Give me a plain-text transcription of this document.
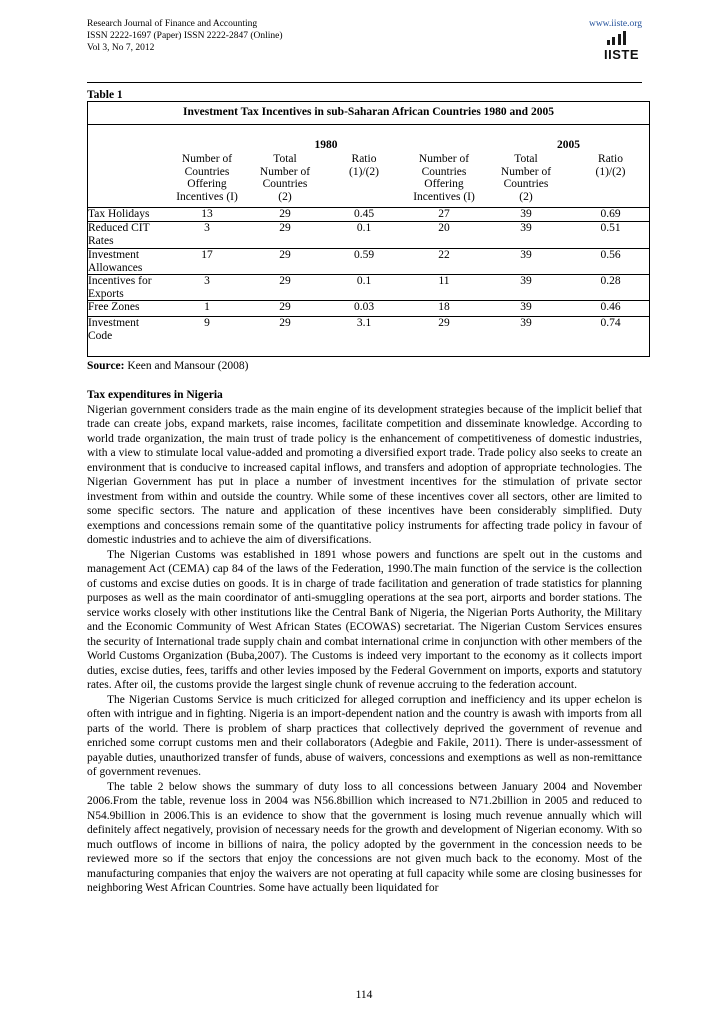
Research Journal of Finance and Accounting
ISSN 2222-1697 (Paper) ISSN 2222-2847 (Online)
Vol 3, No 7, 2012
www.iiste.org

IISTE
Table 1
Investment Tax Incentives in sub-Saharan African Countries 1980 and 2005
1980	2005
Number of
Countries
Offering
Incentives (I)
Total
Number of
Countries
(2)
Ratio
(1)/(2)
Number of
Countries
Offering
Incentives (I)
Total
Number of
Countries
(2)
Ratio
(1)/(2)
Tax Holidays	13	29	0.45	27	39	0.69
Reduced CIT
Rates
3	29	0.1	20	39	0.51
Investment
Allowances
17	29	0.59	22	39	0.56
Incentives for
Exports
3	29	0.1	11	39	0.28
Free Zones	1	29	0.03	18	39	0.46
Investment
Code
9	29	3.1	29	39	0.74
Source: Keen and Mansour (2008)
Tax expenditures in Nigeria

Nigerian government considers trade as the main engine of its development strategies because of the implicit belief that trade can create jobs, expand markets, raise incomes, facilitate competition and disseminate knowledge. According to world trade organization, the main trust of trade policy is the enhancement of competitiveness of domestic industries, with a view to stimulate local value-added and promoting a diversified export trade. Trade policy also seeks to create an environment that is conducive to increased capital inflows, and transfers and adoption of appropriate technologies. The Nigerian Government has put in place a number of investment incentives for the stimulation of private sector investment from within and outside the country. While some of these incentives cover all sectors, other are limited to some specific sectors. The nature and application of these incentives have been considerably simplified. Duty exemptions and concessions remain some of the quantitative policy instruments for affecting trade policy in favour of domestic industries and to achieve the aim of diversifications.

The Nigerian Customs was established in 1891 whose powers and functions are spelt out in the customs and management Act (CEMA) cap 84 of the laws of the Federation, 1990.The main function of the service is the collection of customs and excise duties on goods. It is in charge of trade facilitation and generation of trade statistics for planning purposes as well as the main coordinator of anti-smuggling operations at the sea port, airports and border stations. The service works closely with other institutions like the Central Bank of Nigeria, the Nigerian Ports Authority, the Military and the Economic Community of West African States (ECOWAS) secretariat. The Nigerian Custom Services ensures the security of International trade supply chain and combat international crime in conjunction with other members of the World Customs Organization (Buba,2007). The Customs is indeed very important to the economy as it collects import duties, excise duties, fees, tariffs and other levies imposed by the Federal Government on imports, exports and statutory rates. After oil, the customs provide the largest single chunk of revenue accruing to the federation account.

The Nigerian Customs Service is much criticized for alleged corruption and inefficiency and its upper echelon is often with intrigue and in fighting. Nigeria is an import-dependent nation and the country is awash with imports from all parts of the world. There is problem of sharp practices that collectively deprived the government of revenue and enriched some corrupt customs men and their collaborators (Adegbie and Fakile, 2011). There is under-assessment of payable duties, unauthorized transfer of funds, abuse of waivers, concessions and exemptions as well as non-remittance of government revenues.

The table 2 below shows the summary of duty loss to all concessions between January 2004 and November 2006.From the table, revenue loss in 2004 was N56.8billion which increased to N71.2billion in 2005 and reduced to N54.9billion in 2006.This is an evidence to show that the government is losing much revenue annually which will definitely affect negatively, provision of necessary needs for the growth and development of Nigerian economy. With so much outflows of income in billions of naira, the policy adopted by the government in the concession needs to be reviewed more so if the sectors that enjoy the concessions are not given much back to the economy. Most of the manufacturing companies that enjoy the waivers are not operating at full capacity while some are closing businesses for neighboring West African Countries. Some have actually been liquidated for

114
